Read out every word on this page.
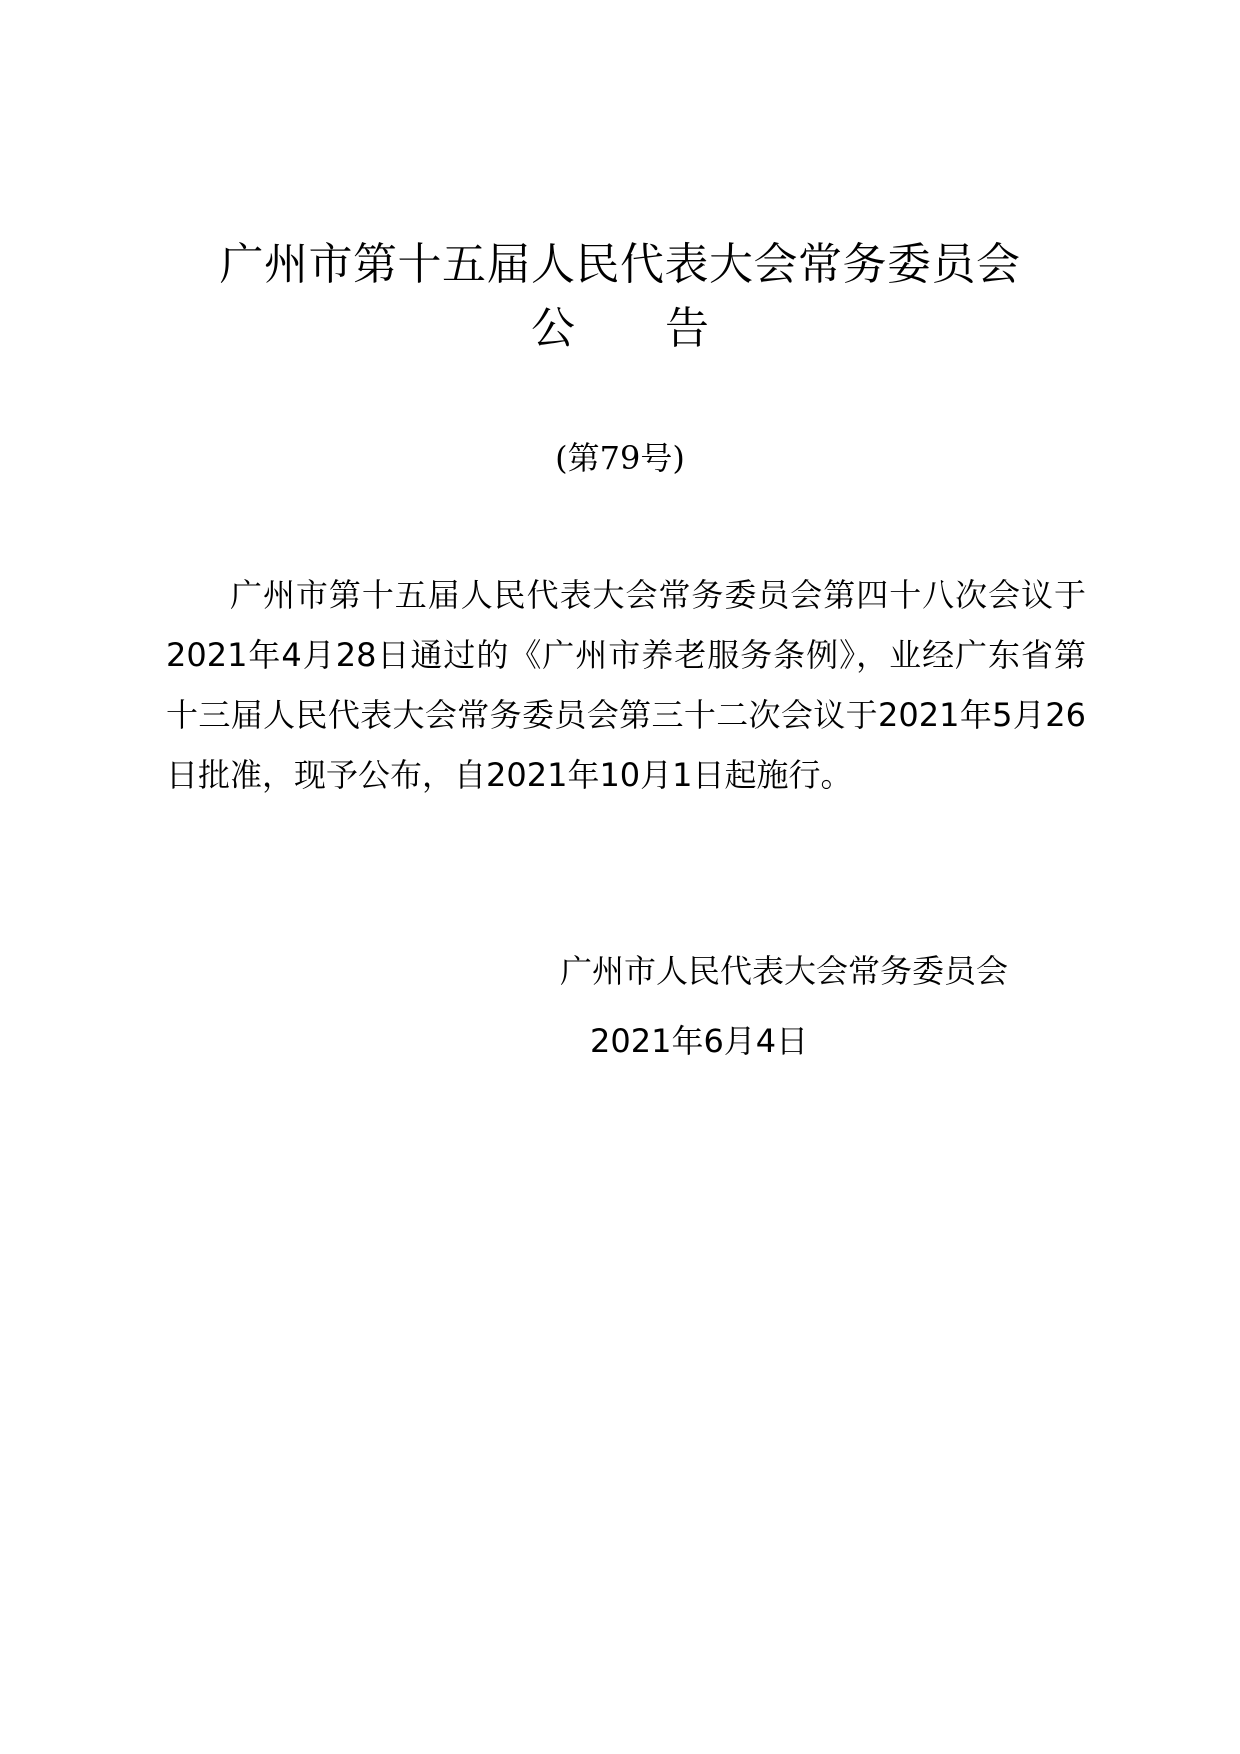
广州市第十五届人民代表大会常务委员会
公告
(第79号)

广州市第十五届人民代表大会常务委员会第四十八次会议于2021年4月28日通过的《广州市养老服务条例》，业经广东省第十三届人民代表大会常务委员会第三十二次会议于2021年5月26日批准，现予公布，自2021年10月1日起施行。

广州市人民代表大会常务委员会
2021年6月4日
